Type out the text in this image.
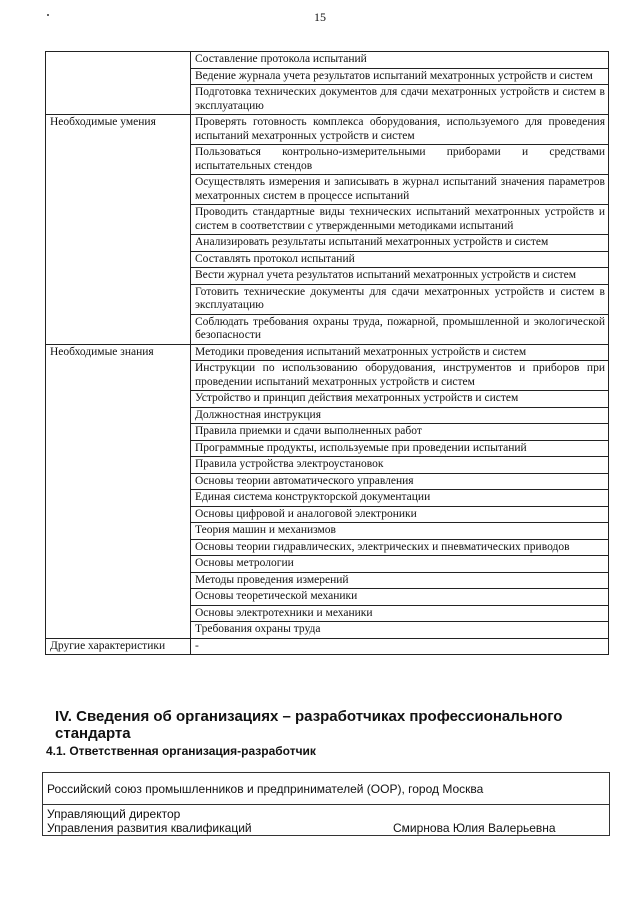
15
	Составление протокола испытаний
	Ведение журнала учета результатов испытаний мехатронных устройств и систем
	Подготовка технических документов для сдачи мехатронных устройств и систем в эксплуатацию
Необходимые умения	Проверять готовность комплекса оборудования, используемого для проведения испытаний мехатронных устройств и систем
	Пользоваться контрольно-измерительными приборами и средствами испытательных стендов
	Осуществлять измерения и записывать в журнал испытаний значения параметров мехатронных систем в процессе испытаний
	Проводить стандартные виды технических испытаний мехатронных устройств и систем в соответствии с утвержденными методиками испытаний
	Анализировать результаты испытаний мехатронных устройств и систем
	Составлять протокол испытаний
	Вести журнал учета результатов испытаний мехатронных устройств и систем
	Готовить технические документы для сдачи мехатронных устройств и систем в эксплуатацию
	Соблюдать требования охраны труда, пожарной, промышленной и экологической безопасности
Необходимые знания	Методики проведения испытаний мехатронных устройств и систем
	Инструкции по использованию оборудования, инструментов и приборов при проведении испытаний мехатронных устройств и систем
	Устройство и принцип действия мехатронных устройств и систем
	Должностная инструкция
	Правила приемки и сдачи выполненных работ
	Программные продукты, используемые при проведении испытаний
	Правила устройства электроустановок
	Основы теории автоматического управления
	Единая система конструкторской документации
	Основы цифровой и аналоговой электроники
	Теория машин и механизмов
	Основы теории гидравлических, электрических и пневматических приводов
	Основы метрологии
	Методы проведения измерений
	Основы теоретической механики
	Основы электротехники и механики
	Требования охраны труда
Другие характеристики	-
IV. Сведения об организациях – разработчиках профессионального стандарта
4.1. Ответственная организация-разработчик
Российский союз промышленников и предпринимателей (ООР), город Москва
Управляющий директор
Управления развития квалификаций	Смирнова Юлия Валерьевна
